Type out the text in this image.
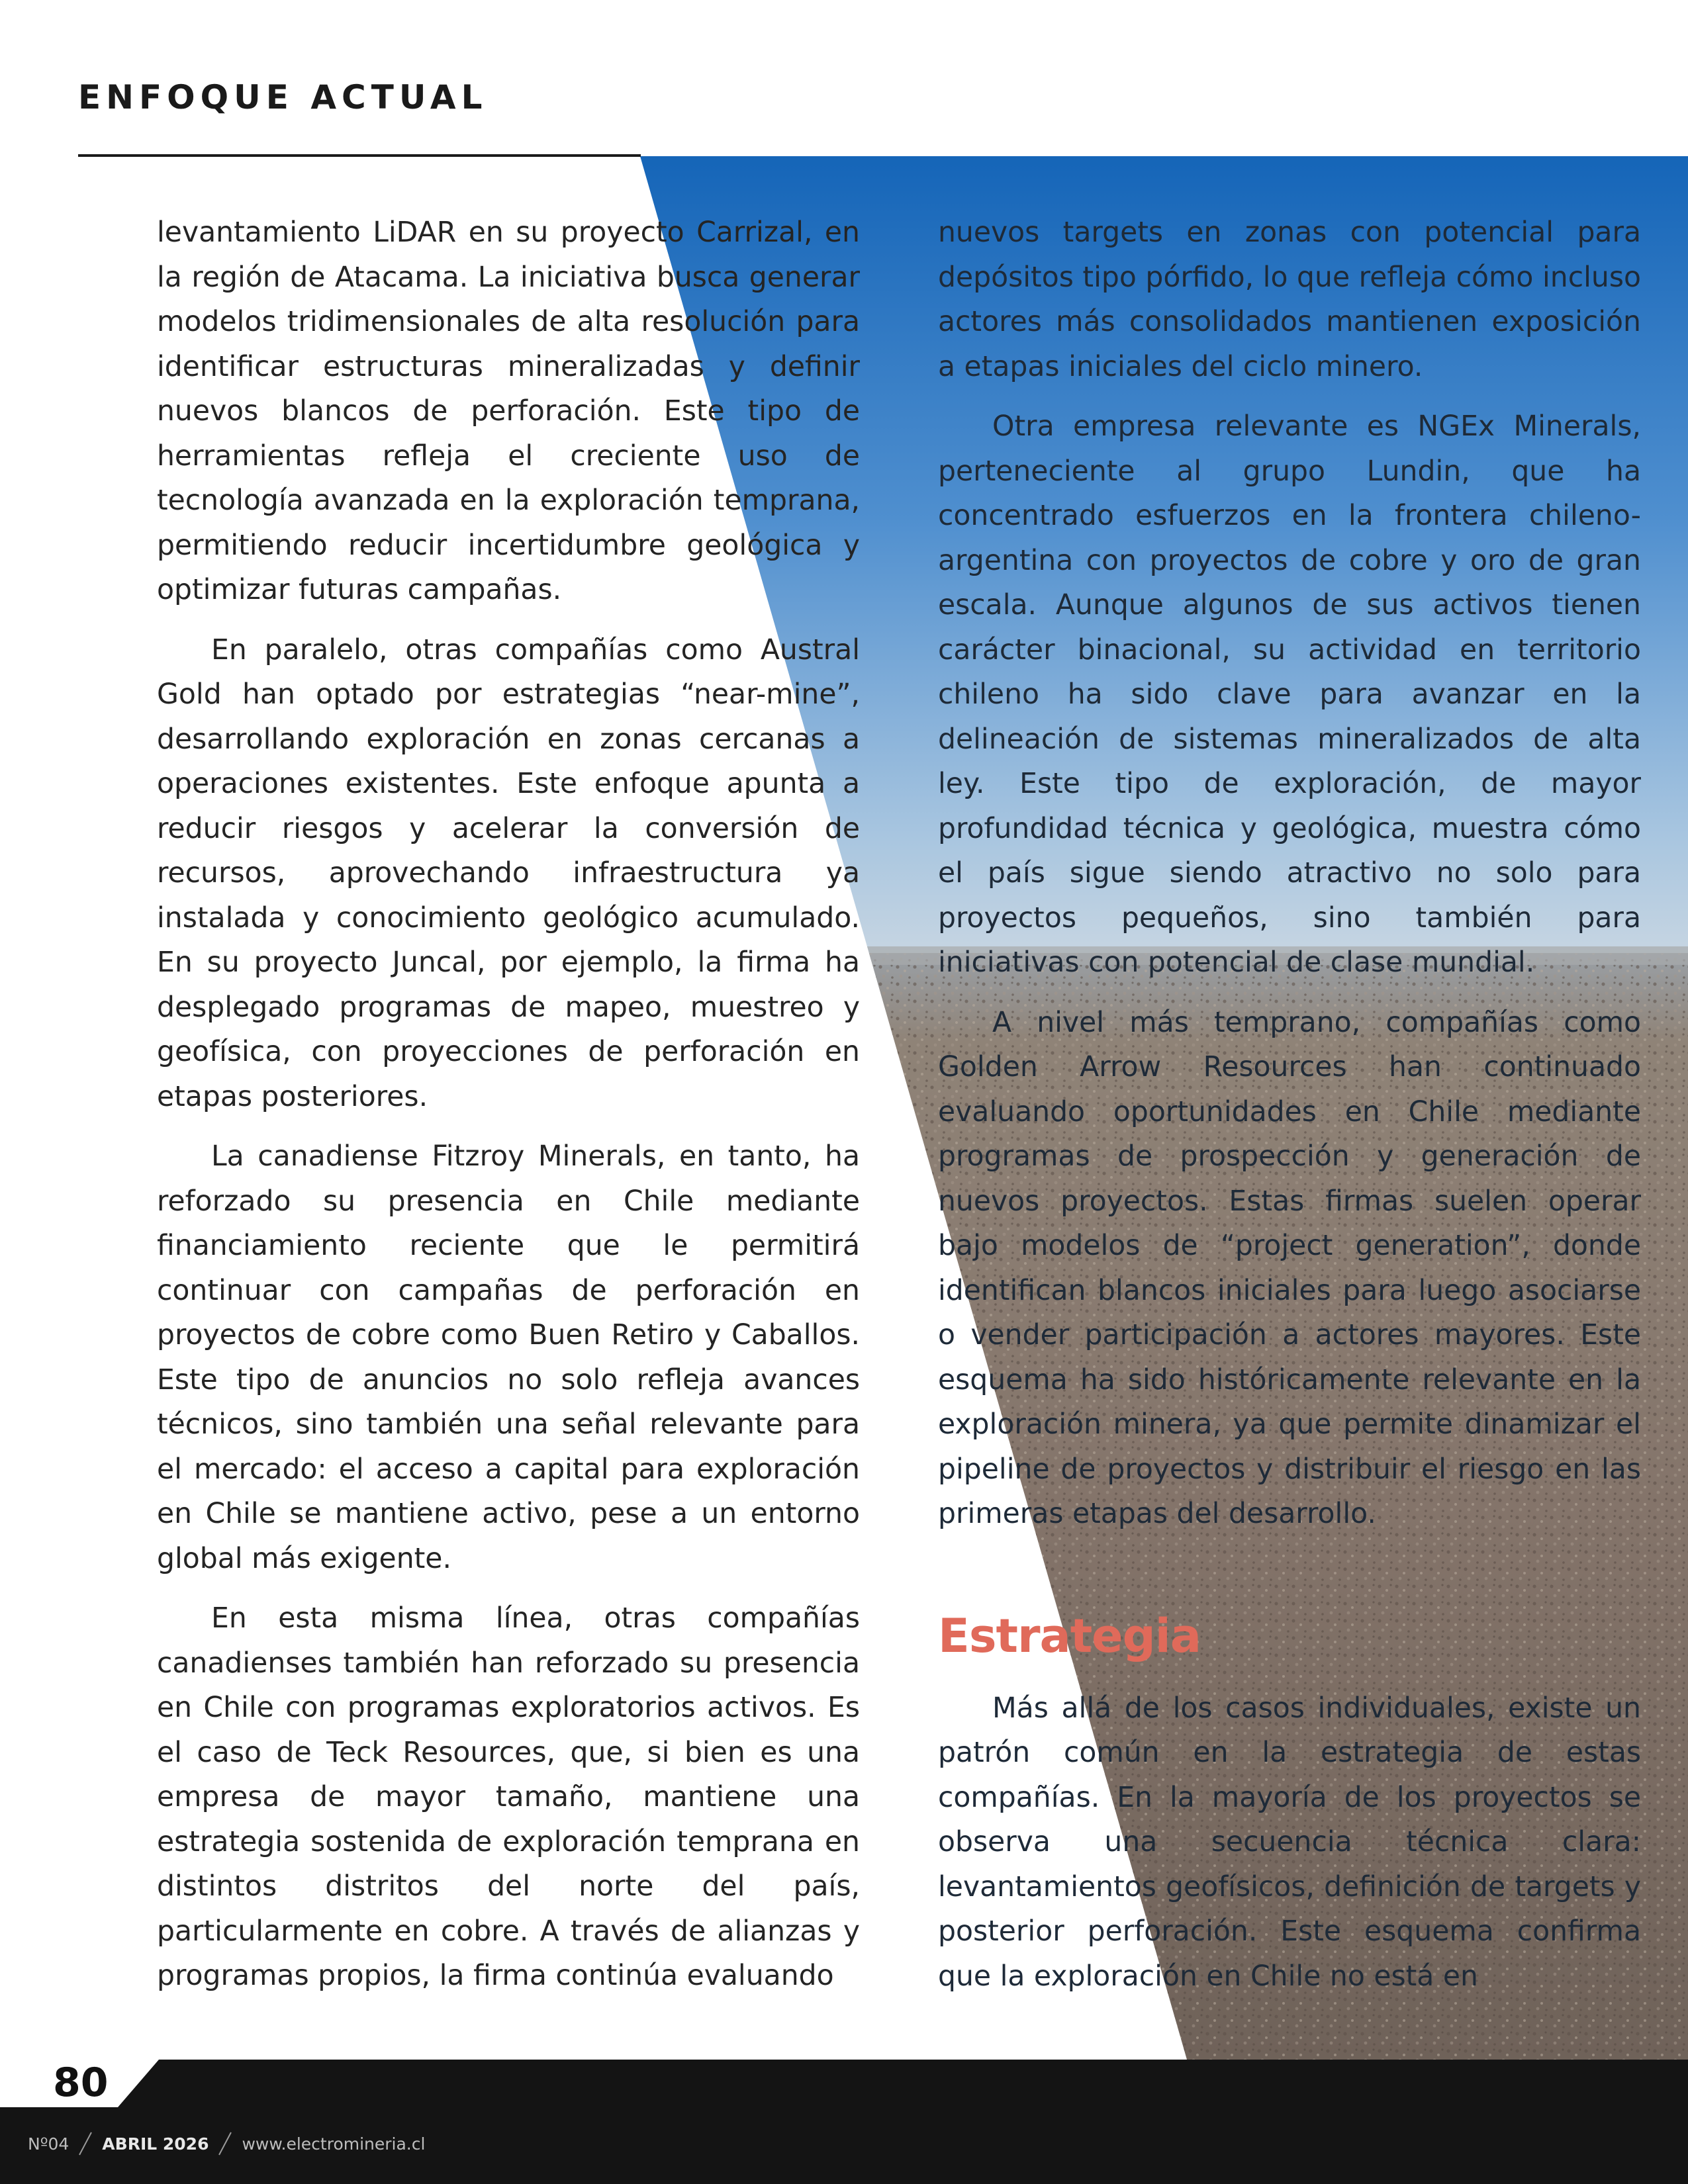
ENFOQUE ACTUAL

levantamiento LiDAR en su proyecto Carrizal, en la región de Atacama. La iniciativa busca generar modelos tridimensionales de alta resolución para identificar estructuras mineralizadas y definir nuevos blancos de perforación. Este tipo de herramientas refleja el creciente uso de tecnología avanzada en la exploración temprana, permitiendo reducir incertidumbre geológica y optimizar futuras campañas.

En paralelo, otras compañías como Austral Gold han optado por estrategias “near-mine”, desarrollando exploración en zonas cercanas a operaciones existentes. Este enfoque apunta a reducir riesgos y acelerar la conversión de recursos, aprovechando infraestructura ya instalada y conocimiento geológico acumulado. En su proyecto Juncal, por ejemplo, la firma ha desplegado programas de mapeo, muestreo y geofísica, con proyecciones de perforación en etapas posteriores.

La canadiense Fitzroy Minerals, en tanto, ha reforzado su presencia en Chile mediante financiamiento reciente que le permitirá continuar con campañas de perforación en proyectos de cobre como Buen Retiro y Caballos. Este tipo de anuncios no solo refleja avances técnicos, sino también una señal relevante para el mercado: el acceso a capital para exploración en Chile se mantiene activo, pese a un entorno global más exigente.

En esta misma línea, otras compañías canadienses también han reforzado su presencia en Chile con programas exploratorios activos. Es el caso de Teck Resources, que, si bien es una empresa de mayor tamaño, mantiene una estrategia sostenida de exploración temprana en distintos distritos del norte del país, particularmente en cobre. A través de alianzas y programas propios, la firma continúa evaluando

nuevos targets en zonas con potencial para depósitos tipo pórfido, lo que refleja cómo incluso actores más consolidados mantienen exposición a etapas iniciales del ciclo minero.

Otra empresa relevante es NGEx Minerals, perteneciente al grupo Lundin, que ha concentrado esfuerzos en la frontera chileno-argentina con proyectos de cobre y oro de gran escala. Aunque algunos de sus activos tienen carácter binacional, su actividad en territorio chileno ha sido clave para avanzar en la delineación de sistemas mineralizados de alta ley. Este tipo de exploración, de mayor profundidad técnica y geológica, muestra cómo el país sigue siendo atractivo no solo para proyectos pequeños, sino también para iniciativas con potencial de clase mundial.

A nivel más temprano, compañías como Golden Arrow Resources han continuado evaluando oportunidades en Chile mediante programas de prospección y generación de nuevos proyectos. Estas firmas suelen operar bajo modelos de “project generation”, donde identifican blancos iniciales para luego asociarse o vender participación a actores mayores. Este esquema ha sido históricamente relevante en la exploración minera, ya que permite dinamizar el pipeline de proyectos y distribuir el riesgo en las primeras etapas del desarrollo.

Estrategia

Más allá de los casos individuales, existe un patrón común en la estrategia de estas compañías. En la mayoría de los proyectos se observa una secuencia técnica clara: levantamientos geofísicos, definición de targets y posterior perforación. Este esquema confirma que la exploración en Chile no está en

80
Nº04 ABRIL 2026 www.electromineria.cl
